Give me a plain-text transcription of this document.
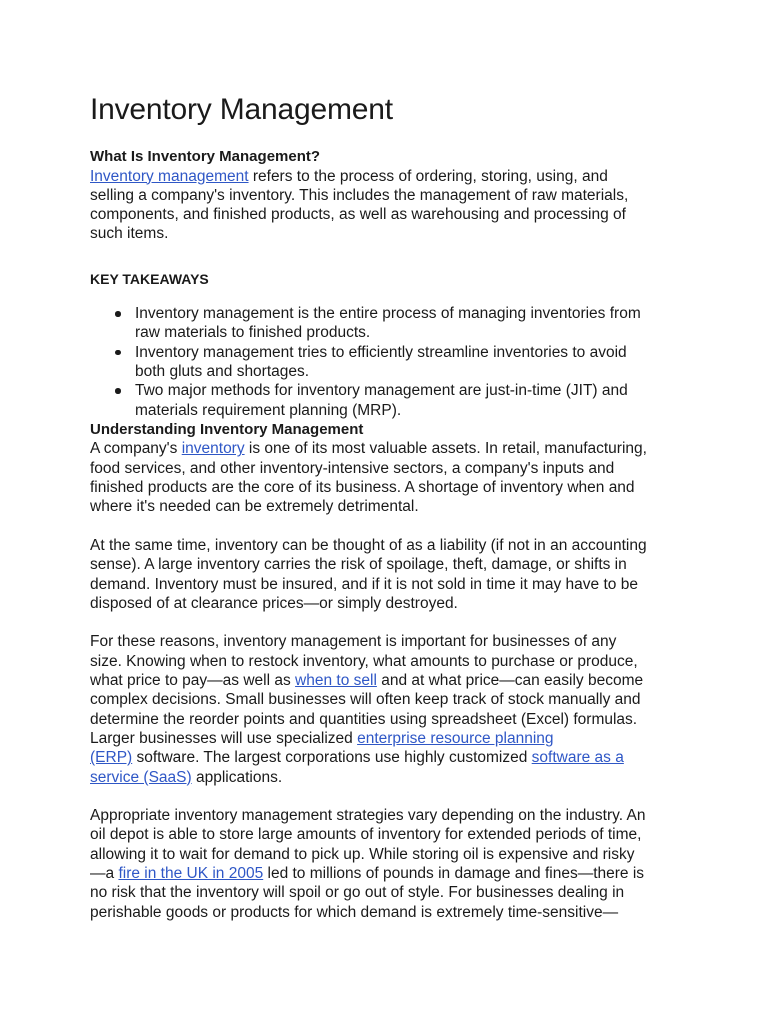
Inventory Management
What Is Inventory Management?

Inventory management refers to the process of ordering, storing, using, and
selling a company's inventory. This includes the management of raw materials,
components, and finished products, as well as warehousing and processing of
such items.

KEY TAKEAWAYS
Inventory management is the entire process of managing inventories from
raw materials to finished products.
Inventory management tries to efficiently streamline inventories to avoid
both gluts and shortages.
Two major methods for inventory management are just-in-time (JIT) and
materials requirement planning (MRP).
Understanding Inventory Management

A company's inventory is one of its most valuable assets. In retail, manufacturing,
food services, and other inventory-intensive sectors, a company's inputs and
finished products are the core of its business. A shortage of inventory when and
where it's needed can be extremely detrimental.

At the same time, inventory can be thought of as a liability (if not in an accounting
sense). A large inventory carries the risk of spoilage, theft, damage, or shifts in
demand. Inventory must be insured, and if it is not sold in time it may have to be
disposed of at clearance prices—or simply destroyed.

For these reasons, inventory management is important for businesses of any
size. Knowing when to restock inventory, what amounts to purchase or produce,
what price to pay—as well as when to sell and at what price—can easily become
complex decisions. Small businesses will often keep track of stock manually and
determine the reorder points and quantities using spreadsheet (Excel) formulas.
Larger businesses will use specialized enterprise resource planning
(ERP) software. The largest corporations use highly customized software as a
service (SaaS) applications.

Appropriate inventory management strategies vary depending on the industry. An
oil depot is able to store large amounts of inventory for extended periods of time,
allowing it to wait for demand to pick up. While storing oil is expensive and risky
—a fire in the UK in 2005 led to millions of pounds in damage and fines—there is
no risk that the inventory will spoil or go out of style. For businesses dealing in
perishable goods or products for which demand is extremely time-sensitive—
